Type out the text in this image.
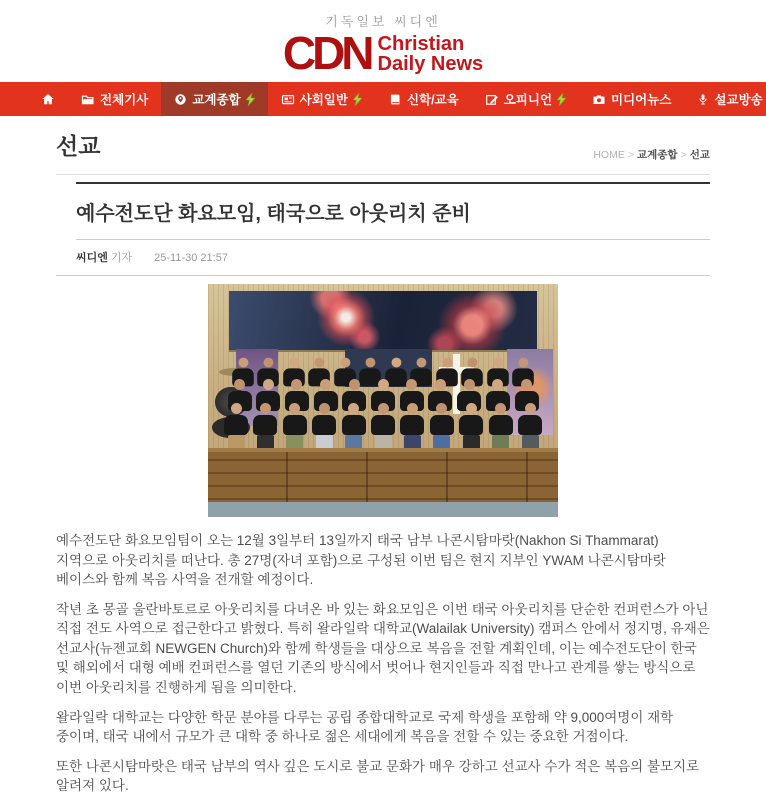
기독일보 씨디엔
CDN Christian
Daily News
전체기사	교계종합	사회일반	신학/교육	오피니언	미디어뉴스	설교방송
선교	HOME > 교계종합 > 선교
예수전도단 화요모임, 태국으로 아웃리치 준비
씨디엔 기자 25-11-30 21:57

예수전도단 화요모임팀이 오는 12월 3일부터 13일까지 태국 남부 나콘시탐마랏(Nakhon Si Thammarat) 지역으로 아웃리치를 떠난다. 총 27명(자녀 포함)으로 구성된 이번 팀은 현지 지부인 YWAM 나콘시탐마랏 베이스와 함께 복음 사역을 전개할 예정이다.

작년 초 몽골 울란바토르로 아웃리치를 다녀온 바 있는 화요모임은 이번 태국 아웃리치를 단순한 컨퍼런스가 아닌 직접 전도 사역으로 접근한다고 밝혔다. 특히 왈라일락 대학교(Walailak University) 캠퍼스 안에서 정지명, 유재은 선교사(뉴젠교회 NEWGEN Church)와 함께 학생들을 대상으로 복음을 전할 계획인데, 이는 예수전도단이 한국 및 해외에서 대형 예배 컨퍼런스를 열던 기존의 방식에서 벗어나 현지인들과 직접 만나고 관계를 쌓는 방식으로 이번 아웃리치를 진행하게 됨을 의미한다.

왈라일락 대학교는 다양한 학문 분야를 다루는 공립 종합대학교로 국제 학생을 포함해 약 9,000여명이 재학 중이며, 태국 내에서 규모가 큰 대학 중 하나로 젊은 세대에게 복음을 전할 수 있는 중요한 거점이다.

또한 나콘시탐마랏은 태국 남부의 역사 깊은 도시로 불교 문화가 매우 강하고 선교사 수가 적은 복음의 불모지로 알려져 있다.
